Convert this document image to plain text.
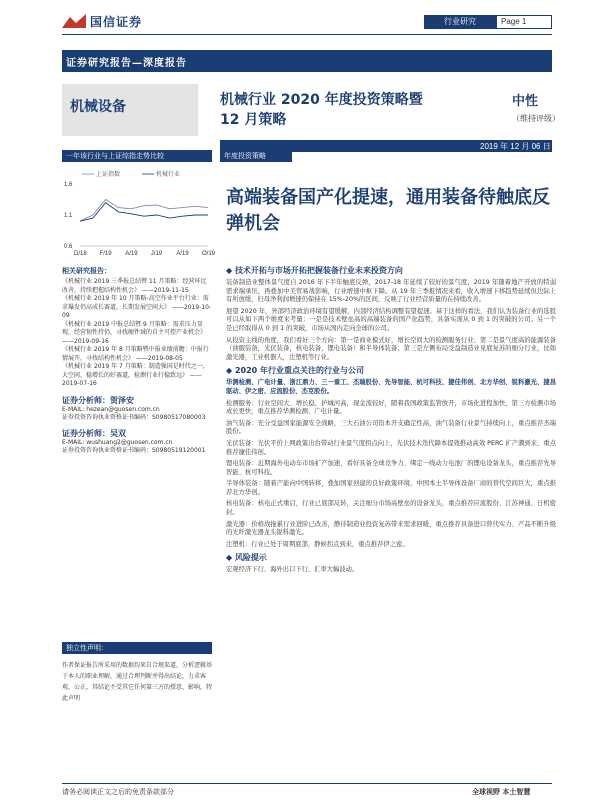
国信证券	行业研究	Page 1
证券研究报告—深度报告
机械设备	机械行业 2020 年度投资策略暨
12 月策略
中性
（维持评级）
2019 年 12 月 06 日
一年该行业与上证综指走势比较
上证指数	机械行业
1.6
1.1
0.6
D/18 F/19 A/19 J/19 A/19 O/19
年度投资策略
高端装备国产化提速，通用装备待触底反弹机会
相关研究报告：
《机械行业 2019 三季报总结暨 11 月策略：经营环比改善，持续把握结构性机会》 ——2019-11-15
《机械行业 2019 年 10 月策略-高空作业平台行业：需求爆发仍高成长赛道，长期发展空间大》 ——2019-10-09
《机械行业 2019 中报总结暨 9 月策略：需求压力显现，经营韧性持仍，寻找硬件域的自主可控产业机会》 ——2019-09-16
《机械行业 2019 年 8 月策略暨中报业绩前瞻：中报行情展开，寻找结构性机会》 ——2019-08-05
《机械行业 2019 年 7 月策略：制造强国是时代之一，大空间，稳增长的好赛道，检测行业行稳致远》 ——2019-07-16
证券分析师：贺泽安
E-MAIL: hezean@guosen.com.cn
证券投资咨询执业资格证书编码：S0980517080003
证券分析师：吴双
E-MAIL: wushuang2@guosen.com.cn
证券投资咨询执业资格证书编码：S0980519120001
独立性声明：
作者保证报告所采用的数据均来自合规渠道，分析逻辑基于本人的职业理解，通过合理判断并得出结论，力求客观、公正，其结论不受其它任何第三方的授意、影响，特此声明
◆ 技术开拓与市场开拓把握装备行业未来投资方向
装备制造业整体景气度自 2016 年下半年触底反弹，2017-18 年延续了较好的景气度，2019 年随着地产开放的特弱需求端承压，再叠加中美贸易战影响，行业增速中枢下降。从 19 年三季报情况来看，收入增速下移趋势延续但边际上有所放缓，归母净利润增速仍保持在 15%-20%的区间，反映了行业经营质量的在持续改善。
展望 2020 年，外部经济政治环境有望缓解，内部经济结构调整有望提速。基于这样的看法，我们认为装备行业的选股可以从如下两个维度来考量：一是是技术壁垒高的高端装备的国产化趋势，具备实现从 0 到 1 的突破的公司；另一个是已经取得从 0 到 1 的突破，市场从国内走向全球的公司。
从投资主线的角度，我们看好三个方向：第一是商业模式好，增长空间大的检测服务行业；第二是景气度高的能源装备（油服装备，光伏装备，核电装备，锂电装备）和半导体装备；第三是左侧布局受益制造业见底复苏的细分行业，比如激光器，工业机器人，注塑机等行业。
◆ 2020 年行业重点关注的行业与公司
华测检测、广电计量、浙江鼎力、三一重工、杰瑞股份、先导智能、杭可科技、捷佳伟创、北方华创、锐科激光、捷昌驱动、伊之密、应流股份、杰克股份。
检测服务：行业空间大、增长稳，护城河高，现金流较好，随着我国政策监管放开，市场化进程加快，第三方检测市场成长更快，重点推荐华测检测、广电计量。
油气装备：充分受益国家能源安全战略，三大石油公司资本开支确定性高，油气装备行业景气持续向上，重点推荐杰瑞股份。
光伏装备：光伏平价上网政策出台带动行业景气度拐点向上，光伏技术迭代降本提效推动高效 PERC 扩产潮到来，重点推荐捷佳伟创。
锂电装备：近期海外电动车市场扩产加速，看好具备全球竞争力、绑定一线动力电池厂的锂电设备龙头，重点推荐先导智能、杭可科技。
半导体装备：随着产能向中国转移，叠加国家创建的良好政策环境，中国本土半导体设备厂商的替代空间巨大，重点推荐北方华创。
核电装备：核电正式重启，行业已底部反转，关注细分市场高壁垒的设备龙头，重点推荐应流股份、江苏神通、日机密封。
激光器：价格战拖累行业进阶已改善，静待制造业投资复苏带来需求回暖，重点推荐具备进口替代实力、产品不断升级的光纤激光器龙头锐科激光。
注塑机：行业已处于周期底部，静候拐点到来，重点推荐伊之密。
◆ 风险提示
宏观经济下行、海外出口下行、汇率大幅波动。
请务必阅读正文之后的免责条款部分	全球视野 本土智慧
